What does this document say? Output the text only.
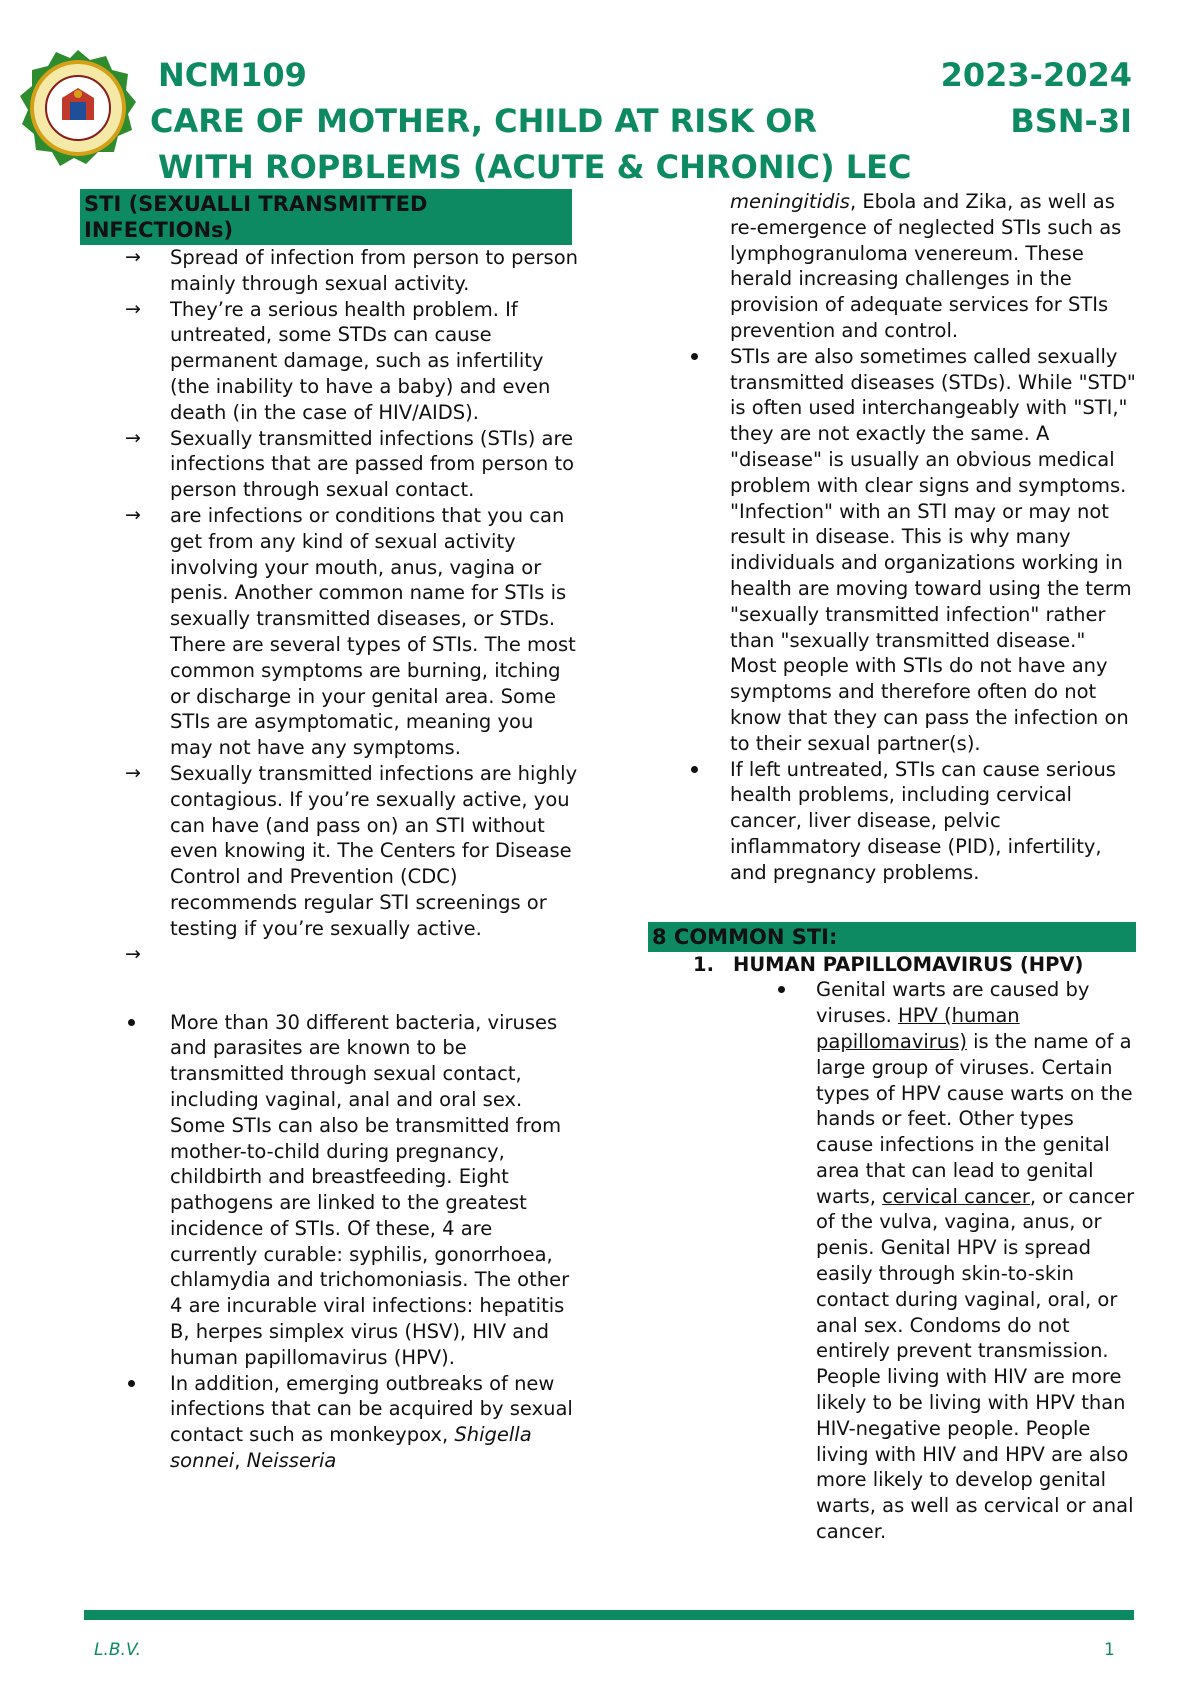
NCM109
CARE OF MOTHER, CHILD AT RISK OR
WITH ROPBLEMS (ACUTE & CHRONIC) LEC
2023-2024
BSN-3I
STI (SEXUALLI TRANSMITTED INFECTIONs)
→ Spread of infection from person to person mainly through sexual activity.
→ They’re a serious health problem. If untreated, some STDs can cause permanent damage, such as infertility (the inability to have a baby) and even death (in the case of HIV/AIDS).
→ Sexually transmitted infections (STIs) are infections that are passed from person to person through sexual contact.
→ are infections or conditions that you can get from any kind of sexual activity involving your mouth, anus, vagina or penis. Another common name for STIs is sexually transmitted diseases, or STDs. There are several types of STIs. The most common symptoms are burning, itching or discharge in your genital area. Some STIs are asymptomatic, meaning you may not have any symptoms.
→ Sexually transmitted infections are highly contagious. If you’re sexually active, you can have (and pass on) an STI without even knowing it. The Centers for Disease Control and Prevention (CDC) recommends regular STI screenings or testing if you’re sexually active.
→
More than 30 different bacteria, viruses and parasites are known to be transmitted through sexual contact, including vaginal, anal and oral sex. Some STIs can also be transmitted from mother-to-child during pregnancy, childbirth and breastfeeding. Eight pathogens are linked to the greatest incidence of STIs. Of these, 4 are currently curable: syphilis, gonorrhoea, chlamydia and trichomoniasis. The other 4 are incurable viral infections: hepatitis B, herpes simplex virus (HSV), HIV and human papillomavirus (HPV).
In addition, emerging outbreaks of new infections that can be acquired by sexual contact such as monkeypox, Shigella sonnei, Neisseria
meningitidis, Ebola and Zika, as well as re-emergence of neglected STIs such as lymphogranuloma venereum. These herald increasing challenges in the provision of adequate services for STIs prevention and control.
STIs are also sometimes called sexually transmitted diseases (STDs). While "STD" is often used interchangeably with "STI," they are not exactly the same. A "disease" is usually an obvious medical problem with clear signs and symptoms. "Infection" with an STI may or may not result in disease. This is why many individuals and organizations working in health are moving toward using the term "sexually transmitted infection" rather than "sexually transmitted disease." Most people with STIs do not have any symptoms and therefore often do not know that they can pass the infection on to their sexual partner(s).
If left untreated, STIs can cause serious health problems, including cervical cancer, liver disease, pelvic inflammatory disease (PID), infertility, and pregnancy problems.
8 COMMON STI:
1. HUMAN PAPILLOMAVIRUS (HPV)
Genital warts are caused by viruses. HPV (human papillomavirus) is the name of a large group of viruses. Certain types of HPV cause warts on the hands or feet. Other types cause infections in the genital area that can lead to genital warts, cervical cancer, or cancer of the vulva, vagina, anus, or penis. Genital HPV is spread easily through skin-to-skin contact during vaginal, oral, or anal sex. Condoms do not entirely prevent transmission. People living with HIV are more likely to be living with HPV than HIV-negative people. People living with HIV and HPV are also more likely to develop genital warts, as well as cervical or anal cancer.
L.B.V.	1
